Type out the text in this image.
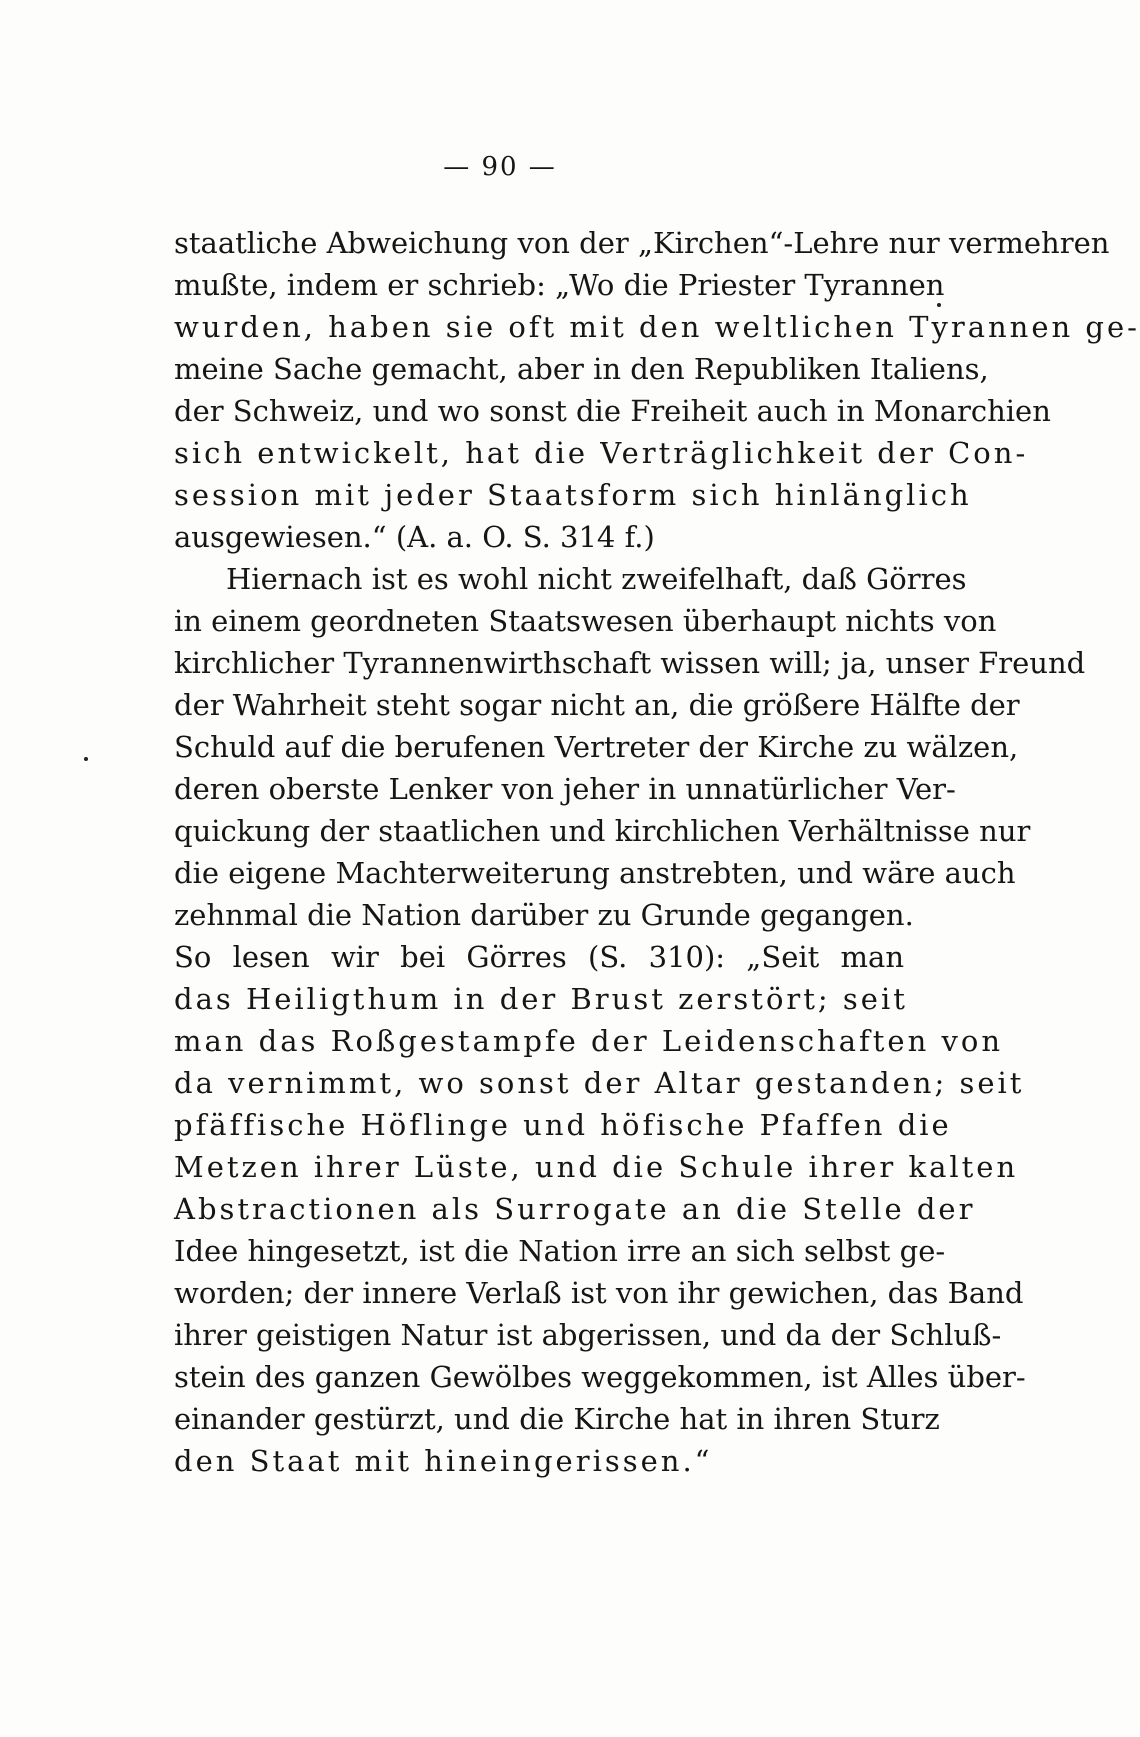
— 90 —
staatliche Abweichung von der „Kirchen“-Lehre nur vermehren
mußte, indem er schrieb: „Wo die Priester Tyrannen
wurden, haben sie oft mit den weltlichen Tyrannen ge-
meine Sache gemacht, aber in den Republiken Italiens,
der Schweiz, und wo sonst die Freiheit auch in Monarchien
sich entwickelt, hat die Verträglichkeit der Con-
session mit jeder Staatsform sich hinlänglich
ausgewiesen.“ (A. a. O. S. 314 f.)
Hiernach ist es wohl nicht zweifelhaft, daß Görres
in einem geordneten Staatswesen überhaupt nichts von
kirchlicher Tyrannenwirthschaft wissen will; ja, unser Freund
der Wahrheit steht sogar nicht an, die größere Hälfte der
Schuld auf die berufenen Vertreter der Kirche zu wälzen,
deren oberste Lenker von jeher in unnatürlicher Ver-
quickung der staatlichen und kirchlichen Verhältnisse nur
die eigene Machterweiterung anstrebten, und wäre auch
zehnmal die Nation darüber zu Grunde gegangen.
So lesen wir bei Görres (S. 310): „Seit man
das Heiligthum in der Brust zerstört; seit
man das Roßgestampfe der Leidenschaften von
da vernimmt, wo sonst der Altar gestanden; seit
pfäffische Höflinge und höfische Pfaffen die
Metzen ihrer Lüste, und die Schule ihrer kalten
Abstractionen als Surrogate an die Stelle der
Idee hingesetzt, ist die Nation irre an sich selbst ge-
worden; der innere Verlaß ist von ihr gewichen, das Band
ihrer geistigen Natur ist abgerissen, und da der Schluß-
stein des ganzen Gewölbes weggekommen, ist Alles über-
einander gestürzt, und die Kirche hat in ihren Sturz
den Staat mit hineingerissen.“
